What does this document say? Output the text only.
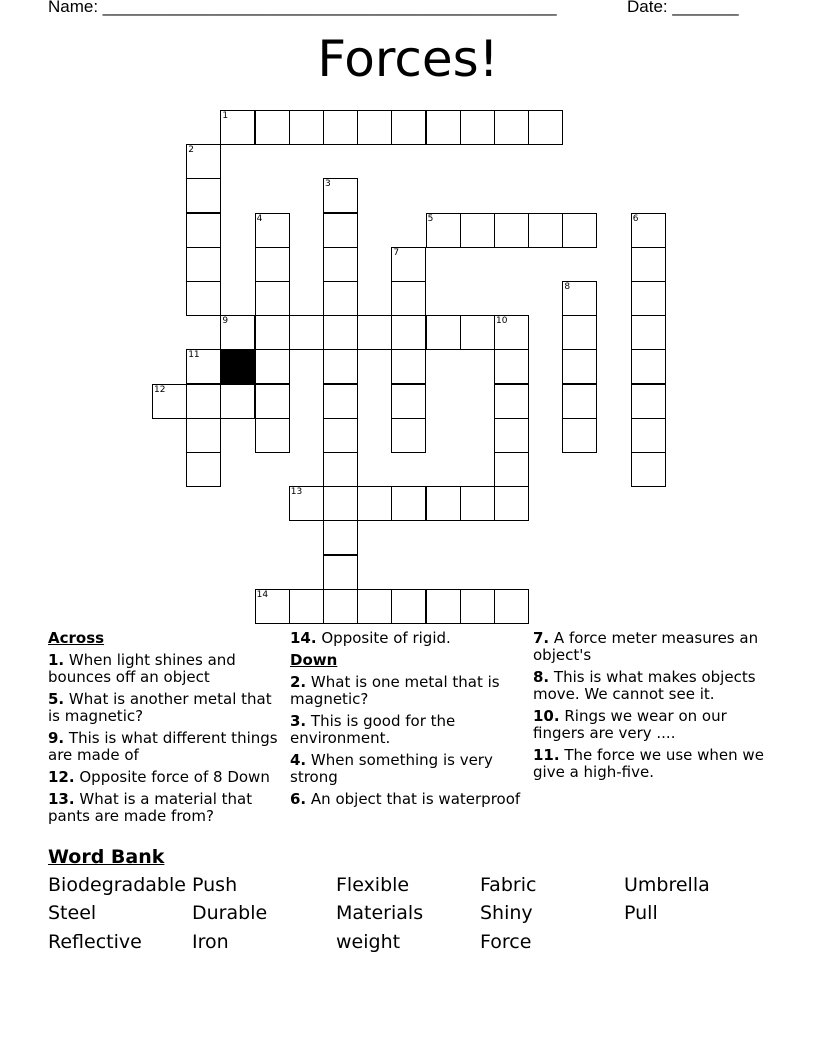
Name: ________________________________________________	Date: _______
Forces!
1
2
3
4	5	6
7
8
9	10
11
12
13
14
Across
1. When light shines and bounces off an object
5. What is another metal that is magnetic?
9. This is what different things are made of
12. Opposite force of 8 Down
13. What is a material that pants are made from?
14. Opposite of rigid.
Down
2. What is one metal that is magnetic?
3. This is good for the environment.
4. When something is very strong
6. An object that is waterproof
7. A force meter measures an object's
8. This is what makes objects move. We cannot see it.
10. Rings we wear on our fingers are very ....
11. The force we use when we give a high-five.
Word Bank
Biodegradable Push	Flexible	Fabric	Umbrella
Steel	Durable	Materials	Shiny	Pull
Reflective	Iron	weight	Force
